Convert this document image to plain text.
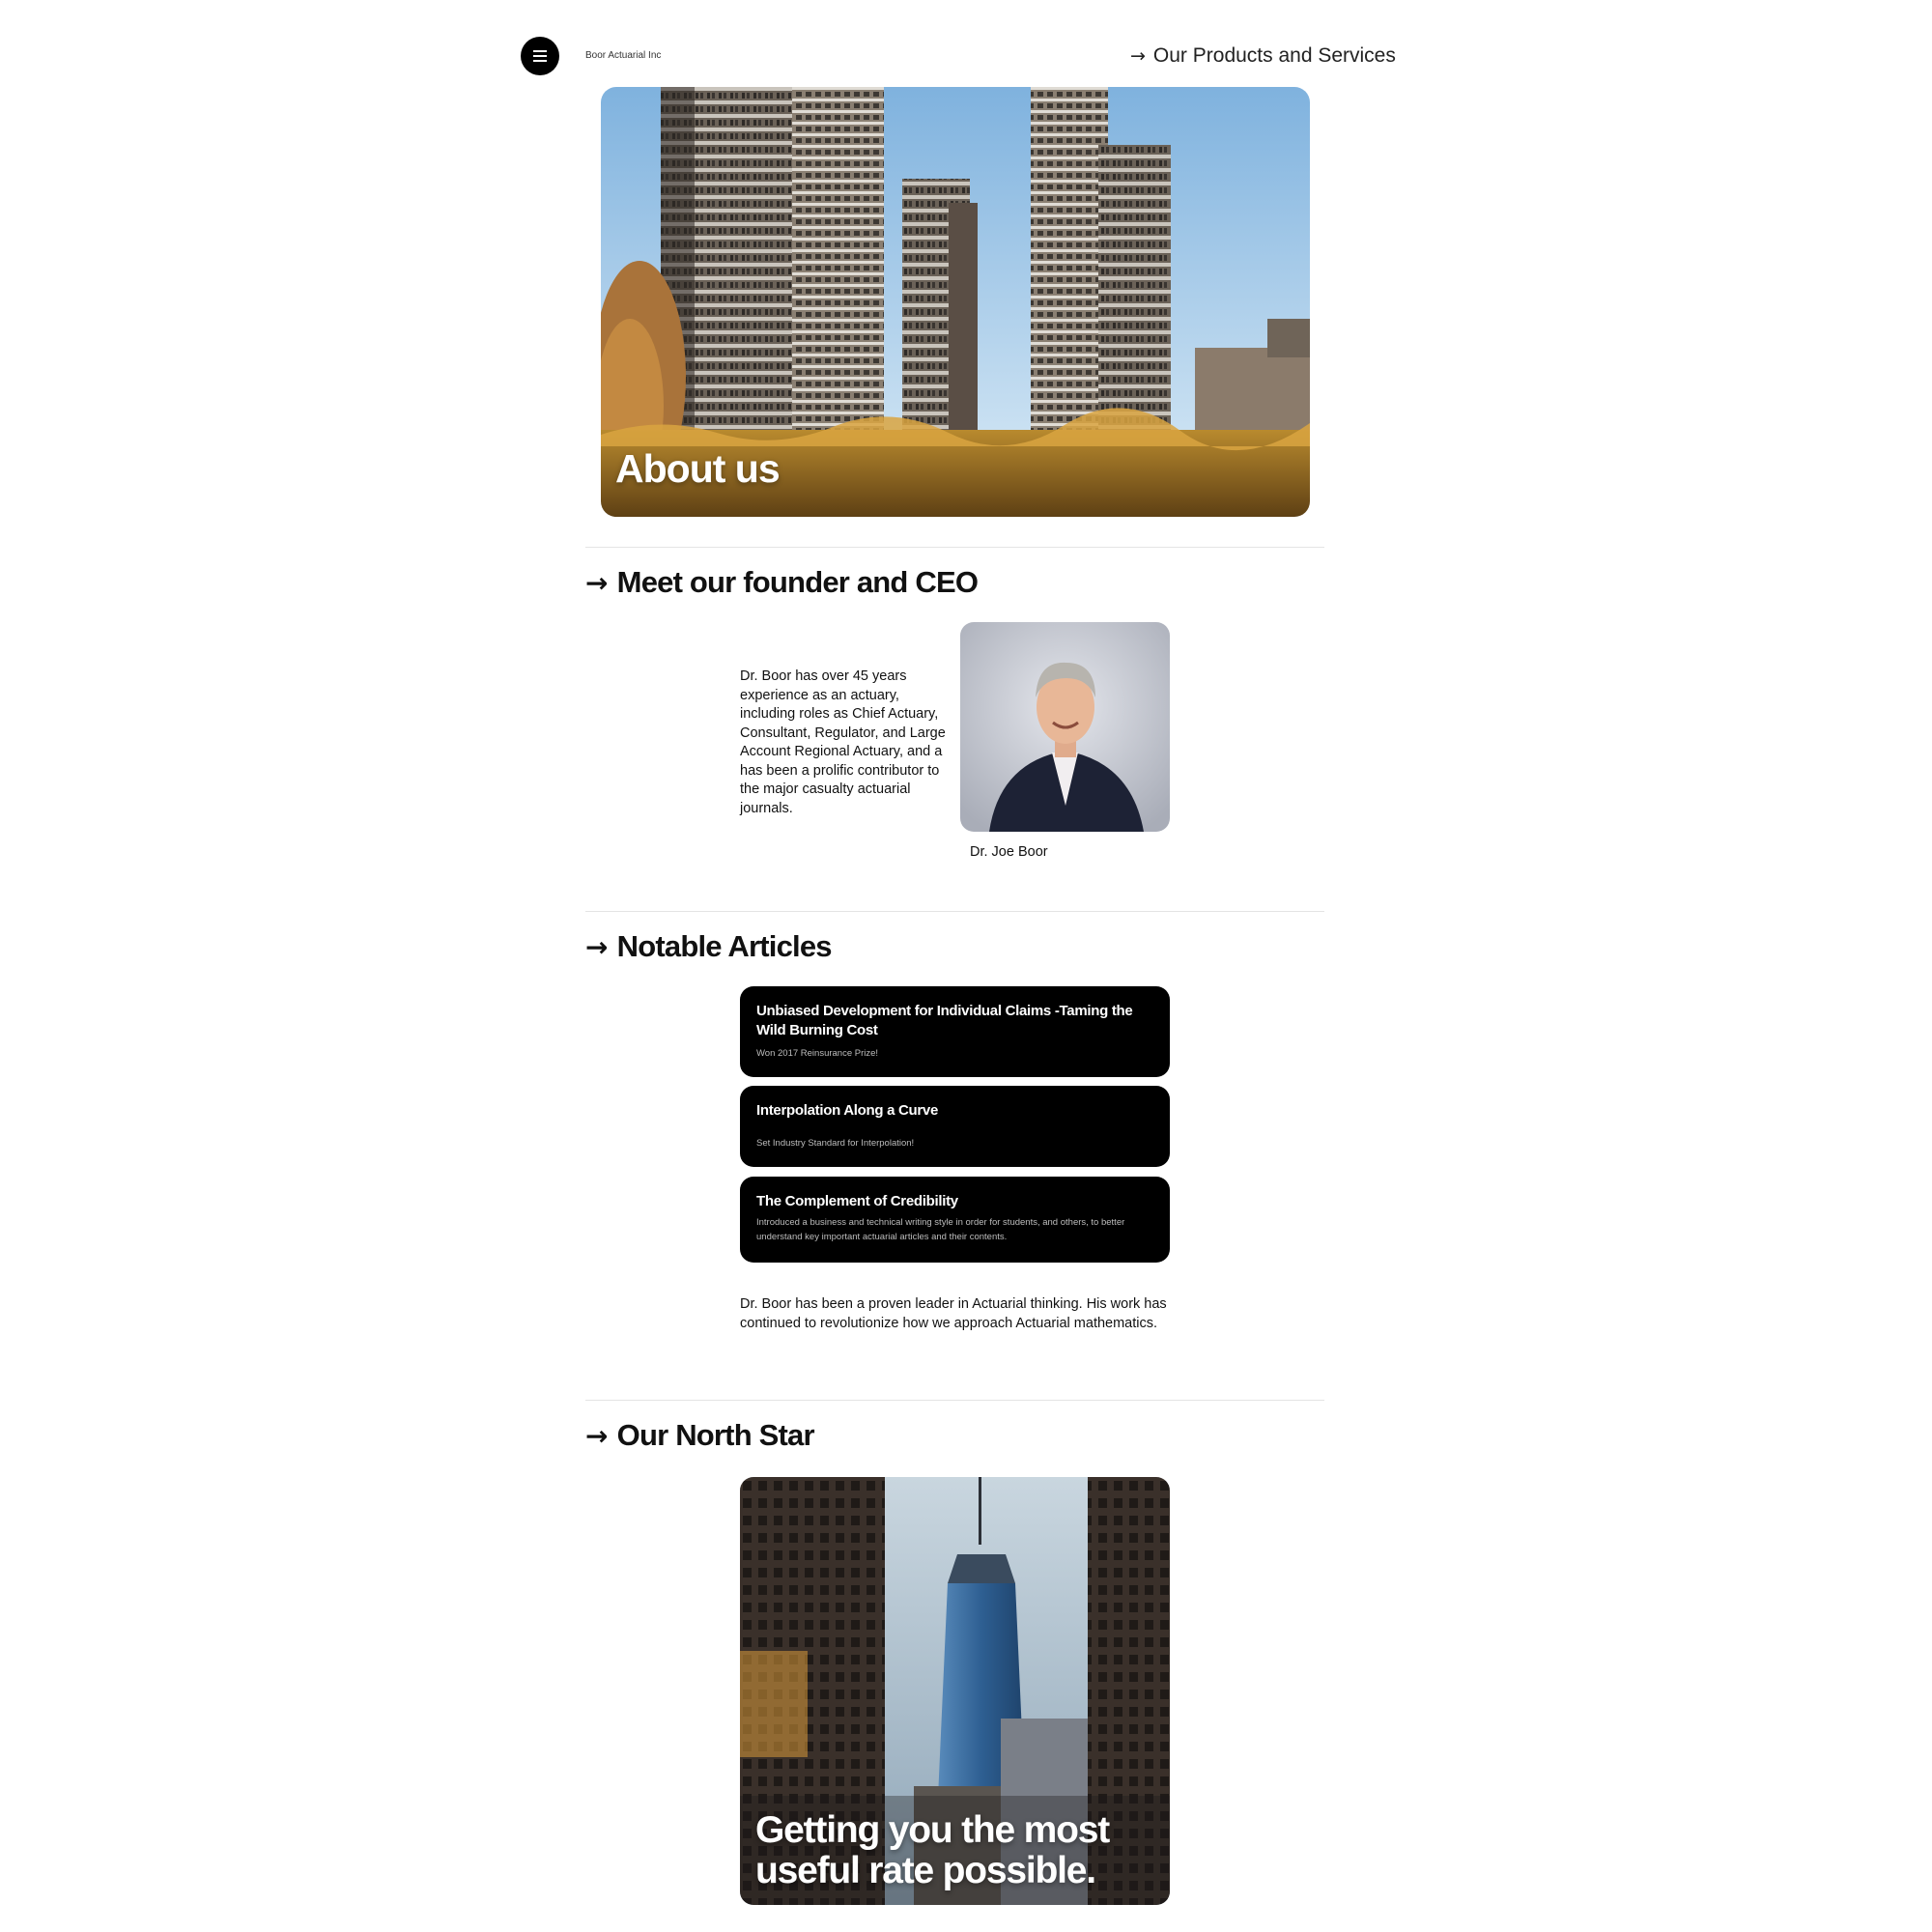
Boor Actuarial Inc	→ Our Products and Services
About us
→ Meet our founder and CEO
Dr. Boor has over 45 years experience as an actuary, including roles as Chief Actuary, Consultant, Regulator, and Large Account Regional Actuary, and a has been a prolific contributor to the major casualty actuarial journals.
Dr. Joe Boor
→ Notable Articles
Unbiased Development for Individual Claims -Taming the Wild Burning Cost
Won 2017 Reinsurance Prize!
Interpolation Along a Curve
Set Industry Standard for Interpolation!
The Complement of Credibility
Introduced a business and technical writing style in order for students, and others, to better understand key important actuarial articles and their contents.
Dr. Boor has been a proven leader in Actuarial thinking. His work has continued to revolutionize how we approach Actuarial mathematics.
→ Our North Star
Getting you the most useful rate possible.
